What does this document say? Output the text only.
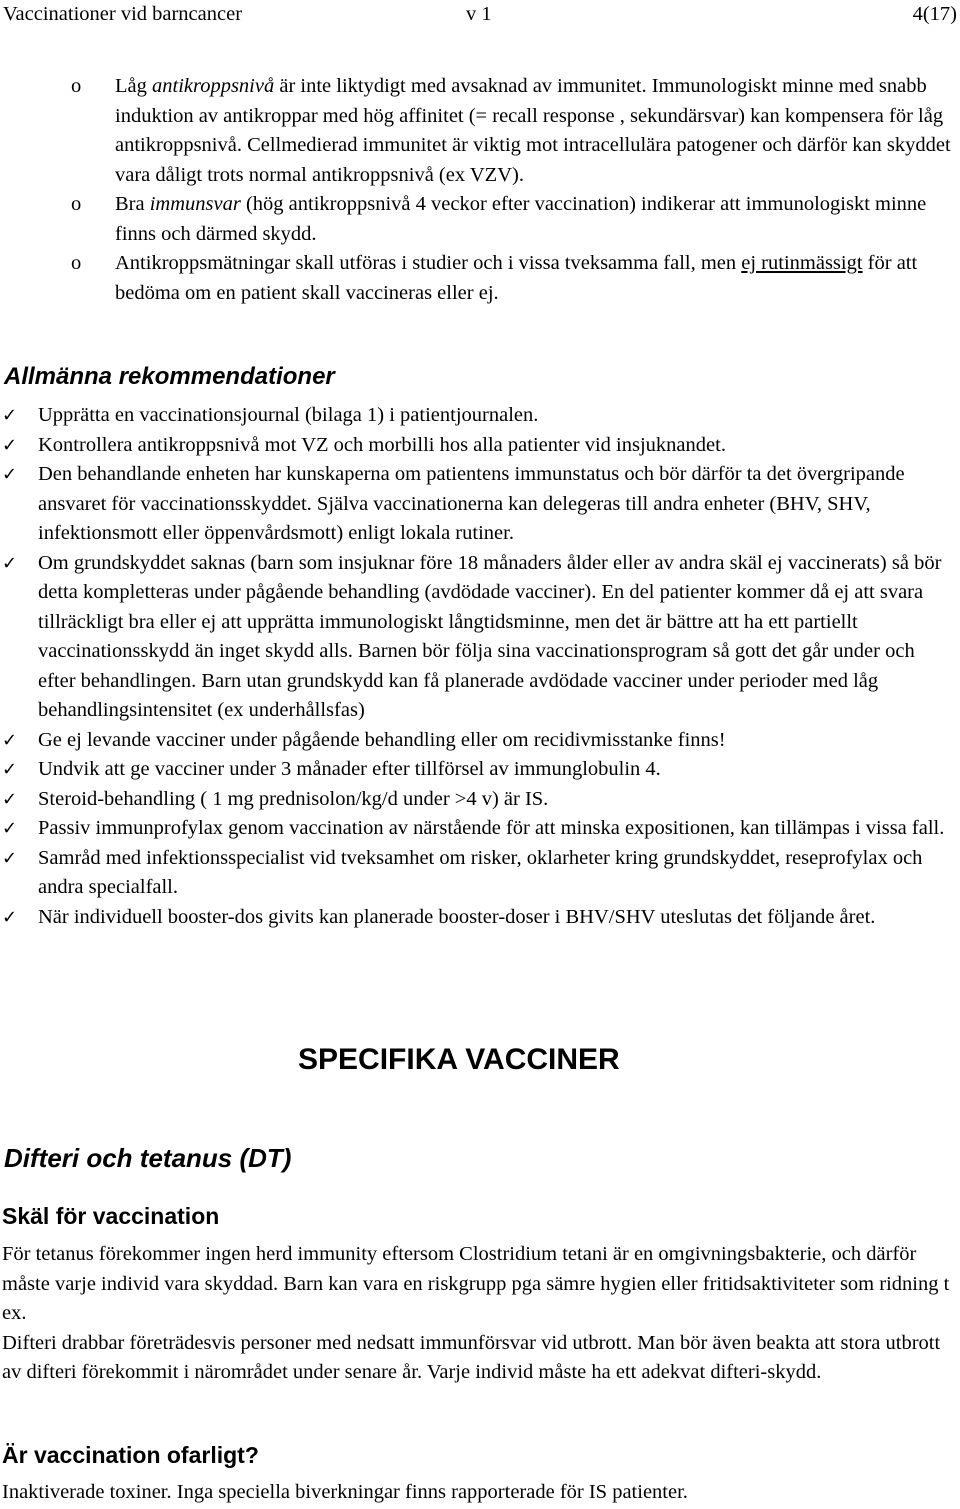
Vaccinationer vid barncancer	v 1	4(17)
o Låg antikroppsnivå är inte liktydigt med avsaknad av immunitet. Immunologiskt minne med snabb induktion av antikroppar med hög affinitet (= recall response , sekundärsvar) kan kompensera för låg antikroppsnivå. Cellmedierad immunitet är viktig mot intracellulära patogener och därför kan skyddet vara dåligt trots normal antikroppsnivå (ex VZV).
o Bra immunsvar (hög antikroppsnivå 4 veckor efter vaccination) indikerar att immunologiskt minne finns och därmed skydd.
o Antikroppsmätningar skall utföras i studier och i vissa tveksamma fall, men ej rutinmässigt för att bedöma om en patient skall vaccineras eller ej.
Allmänna rekommendationer
✓ Upprätta en vaccinationsjournal (bilaga 1) i patientjournalen.
✓ Kontrollera antikroppsnivå mot VZ och morbilli hos alla patienter vid insjuknandet.
✓ Den behandlande enheten har kunskaperna om patientens immunstatus och bör därför ta det övergripande ansvaret för vaccinationsskyddet. Själva vaccinationerna kan delegeras till andra enheter (BHV, SHV, infektionsmott eller öppenvårdsmott) enligt lokala rutiner.
✓ Om grundskyddet saknas (barn som insjuknar före 18 månaders ålder eller av andra skäl ej vaccinerats) så bör detta kompletteras under pågående behandling (avdödade vacciner). En del patienter kommer då ej att svara tillräckligt bra eller ej att upprätta immunologiskt långtidsminne, men det är bättre att ha ett partiellt vaccinationsskydd än inget skydd alls. Barnen bör följa sina vaccinationsprogram så gott det går under och efter behandlingen. Barn utan grundskydd kan få planerade avdödade vacciner under perioder med låg behandlingsintensitet (ex underhållsfas)
✓ Ge ej levande vacciner under pågående behandling eller om recidivmisstanke finns!
✓ Undvik att ge vacciner under 3 månader efter tillförsel av immunglobulin 4.
✓ Steroid-behandling ( 1 mg prednisolon/kg/d under >4 v) är IS.
✓ Passiv immunprofylax genom vaccination av närstående för att minska expositionen, kan tillämpas i vissa fall.
✓ Samråd med infektionsspecialist vid tveksamhet om risker, oklarheter kring grundskyddet, reseprofylax och andra specialfall.
✓ När individuell booster-dos givits kan planerade booster-doser i BHV/SHV uteslutas det följande året.
SPECIFIKA VACCINER
Difteri och tetanus (DT)
Skäl för vaccination
För tetanus förekommer ingen herd immunity eftersom Clostridium tetani är en omgivningsbakterie, och därför måste varje individ vara skyddad. Barn kan vara en riskgrupp pga sämre hygien eller fritidsaktiviteter som ridning t ex.
Difteri drabbar företrädesvis personer med nedsatt immunförsvar vid utbrott. Man bör även beakta att stora utbrott av difteri förekommit i närområdet under senare år. Varje individ måste ha ett adekvat difteri-skydd.
Är vaccination ofarligt?
Inaktiverade toxiner. Inga speciella biverkningar finns rapporterade för IS patienter.
